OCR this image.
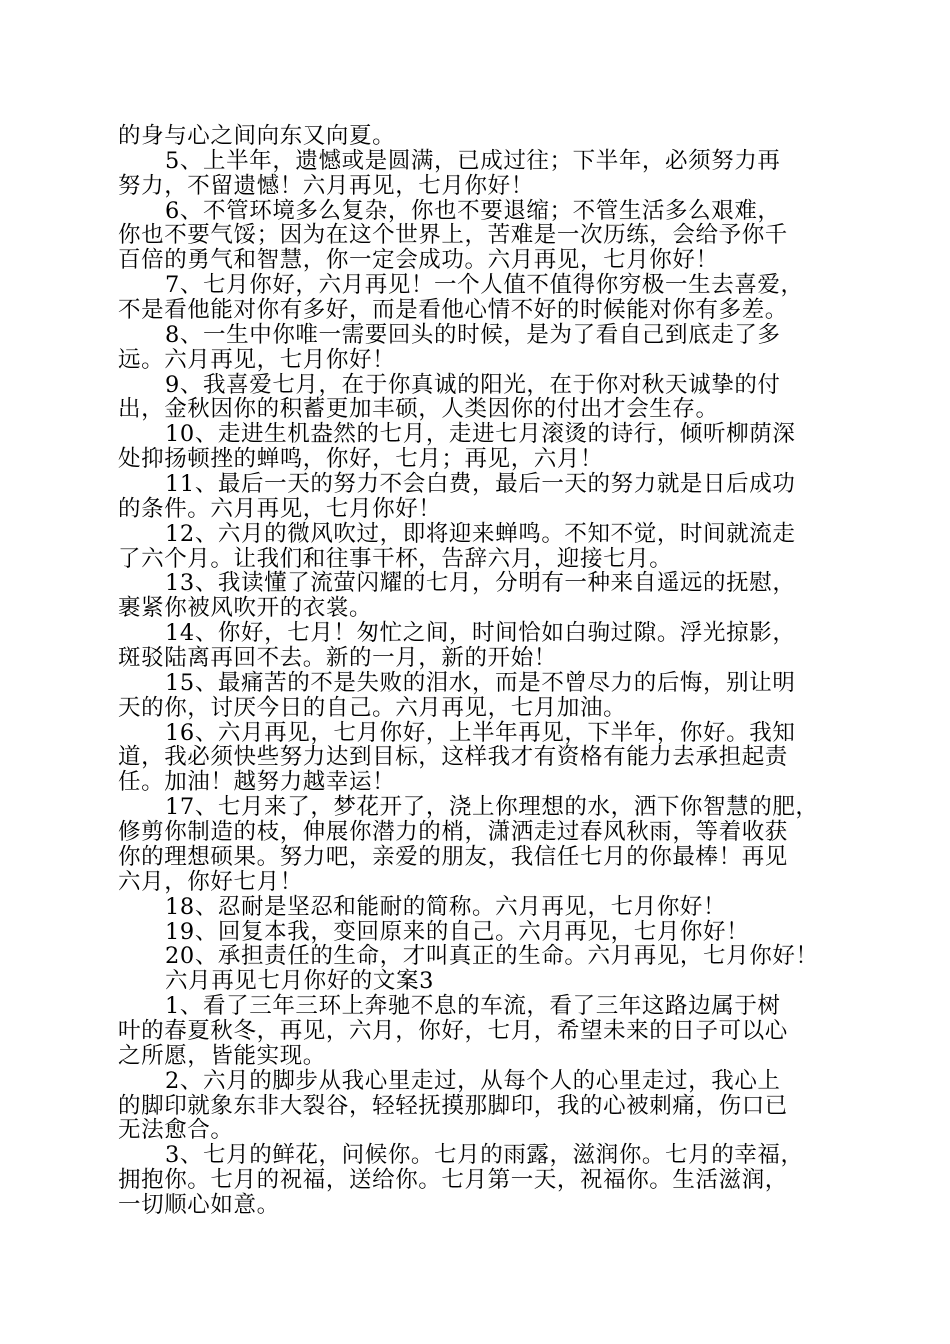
的身与心之间向东又向夏。
5、上半年，遗憾或是圆满，已成过往；下半年，必须努力再
努力，不留遗憾！六月再见，七月你好！
6、不管环境多么复杂，你也不要退缩；不管生活多么艰难，
你也不要气馁；因为在这个世界上，苦难是一次历练，会给予你千
百倍的勇气和智慧，你一定会成功。六月再见，七月你好！
7、七月你好，六月再见！一个人值不值得你穷极一生去喜爱，
不是看他能对你有多好，而是看他心情不好的时候能对你有多差。
8、一生中你唯一需要回头的时候，是为了看自己到底走了多
远。六月再见，七月你好！
9、我喜爱七月，在于你真诚的阳光，在于你对秋天诚挚的付
出，金秋因你的积蓄更加丰硕，人类因你的付出才会生存。
10、走进生机盎然的七月，走进七月滚烫的诗行，倾听柳荫深
处抑扬顿挫的蝉鸣，你好，七月；再见，六月！
11、最后一天的努力不会白费，最后一天的努力就是日后成功
的条件。六月再见，七月你好！
12、六月的微风吹过，即将迎来蝉鸣。不知不觉，时间就流走
了六个月。让我们和往事干杯，告辞六月，迎接七月。
13、我读懂了流萤闪耀的七月，分明有一种来自遥远的抚慰，
裹紧你被风吹开的衣裳。
14、你好，七月！匆忙之间，时间恰如白驹过隙。浮光掠影，
斑驳陆离再回不去。新的一月，新的开始！
15、最痛苦的不是失败的泪水，而是不曾尽力的后悔，别让明
天的你，讨厌今日的自己。六月再见，七月加油。
16、六月再见，七月你好，上半年再见，下半年，你好。我知
道，我必须快些努力达到目标，这样我才有资格有能力去承担起责
任。加油！越努力越幸运！
17、七月来了，梦花开了，浇上你理想的水，洒下你智慧的肥，
修剪你制造的枝，伸展你潜力的梢，潇洒走过春风秋雨，等着收获
你的理想硕果。努力吧，亲爱的朋友，我信任七月的你最棒！再见
六月，你好七月！
18、忍耐是坚忍和能耐的简称。六月再见，七月你好！
19、回复本我，变回原来的自己。六月再见，七月你好！
20、承担责任的生命，才叫真正的生命。六月再见，七月你好！
六月再见七月你好的文案3
1、看了三年三环上奔驰不息的车流，看了三年这路边属于树
叶的春夏秋冬，再见，六月，你好，七月，希望未来的日子可以心
之所愿，皆能实现。
2、六月的脚步从我心里走过，从每个人的心里走过，我心上
的脚印就象东非大裂谷，轻轻抚摸那脚印，我的心被刺痛，伤口已
无法愈合。
3、七月的鲜花，问候你。七月的雨露，滋润你。七月的幸福，
拥抱你。七月的祝福，送给你。七月第一天，祝福你。生活滋润，
一切顺心如意。
